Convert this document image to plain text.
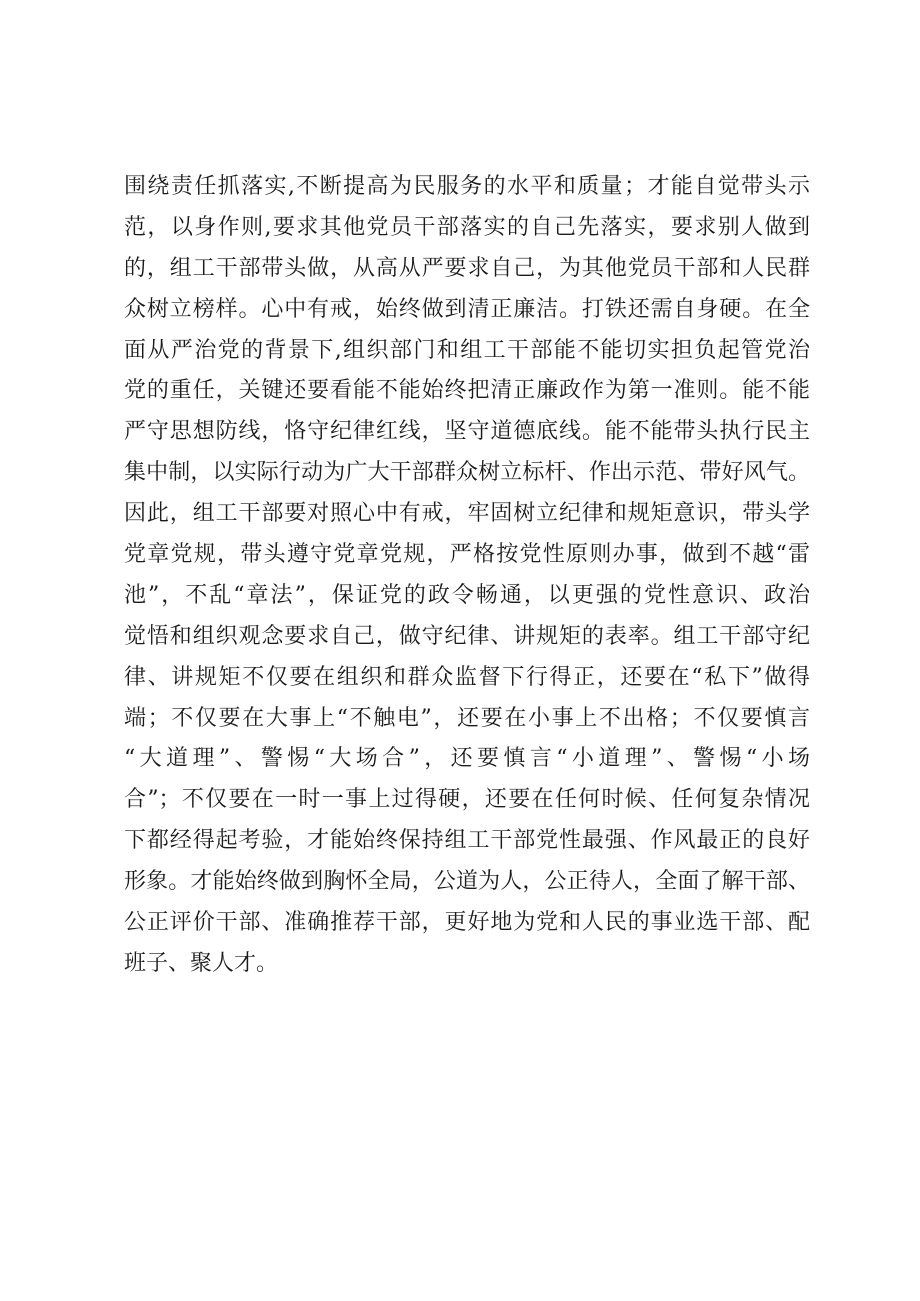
围绕责任抓落实,不断提高为民服务的水平和质量；才能自觉带头示
范，以身作则,要求其他党员干部落实的自己先落实，要求别人做到
的，组工干部带头做，从高从严要求自己，为其他党员干部和人民群
众树立榜样。心中有戒，始终做到清正廉洁。打铁还需自身硬。在全
面从严治党的背景下,组织部门和组工干部能不能切实担负起管党治
党的重任，关键还要看能不能始终把清正廉政作为第一准则。能不能
严守思想防线，恪守纪律红线，坚守道德底线。能不能带头执行民主
集中制，以实际行动为广大干部群众树立标杆、作出示范、带好风气。
因此，组工干部要对照心中有戒，牢固树立纪律和规矩意识，带头学
党章党规，带头遵守党章党规，严格按党性原则办事，做到不越“雷
池”，不乱“章法”，保证党的政令畅通，以更强的党性意识、政治
觉悟和组织观念要求自己，做守纪律、讲规矩的表率。组工干部守纪
律、讲规矩不仅要在组织和群众监督下行得正，还要在“私下”做得
端；不仅要在大事上“不触电”，还要在小事上不出格；不仅要慎言
“大道理”、警惕“大场合”，还要慎言“小道理”、警惕“小场
合”；不仅要在一时一事上过得硬，还要在任何时候、任何复杂情况
下都经得起考验，才能始终保持组工干部党性最强、作风最正的良好
形象。才能始终做到胸怀全局，公道为人，公正待人，全面了解干部、
公正评价干部、准确推荐干部，更好地为党和人民的事业选干部、配
班子、聚人才。
